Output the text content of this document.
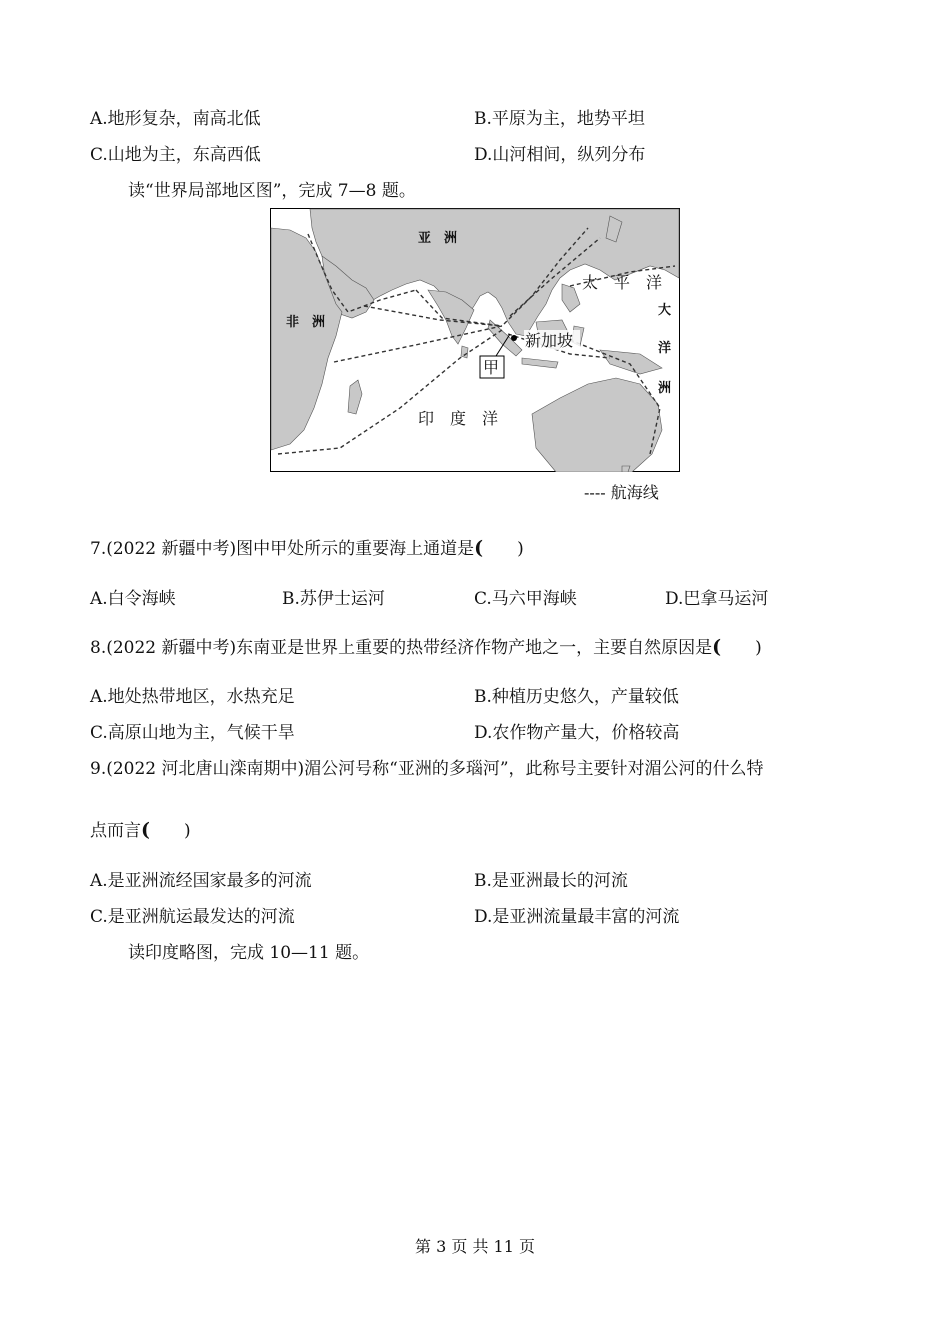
A.地形复杂，南高北低	B.平原为主，地势平坦
C.山地为主，东高西低	D.山河相间，纵列分布
读“世界局部地区图”，完成 7—8 题。
亚　洲
非　洲
太　平　洋
印　度　洋
大
洋
洲
新加坡
甲
---- 航海线
7.(2022 新疆中考)图中甲处所示的重要海上通道是( )
A.白令海峡	B.苏伊士运河	C.马六甲海峡	D.巴拿马运河
8.(2022 新疆中考)东南亚是世界上重要的热带经济作物产地之一，主要自然原因是( )
A.地处热带地区，水热充足	B.种植历史悠久，产量较低
C.高原山地为主，气候干旱	D.农作物产量大，价格较高
9.(2022 河北唐山滦南期中)湄公河号称“亚洲的多瑙河”，此称号主要针对湄公河的什么特
点而言( )
A.是亚洲流经国家最多的河流	B.是亚洲最长的河流
C.是亚洲航运最发达的河流	D.是亚洲流量最丰富的河流
读印度略图，完成 10—11 题。
第 3 页 共 11 页
